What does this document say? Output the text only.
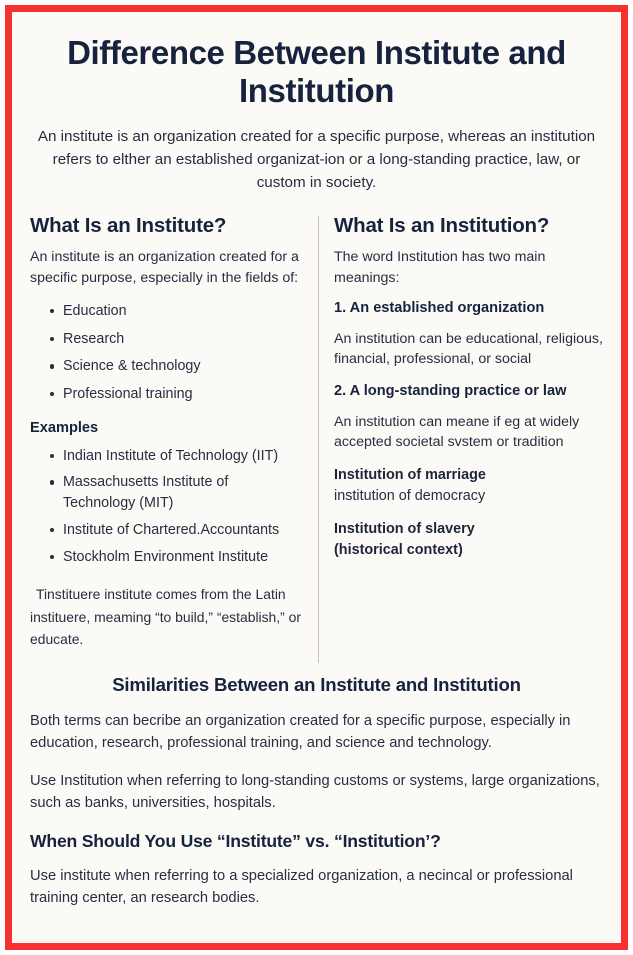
Difference Between Institute and Institution

An institute is an organization created for a specific purpose, whereas an institution refers to elther an established organizat-ion or a long-standing practice, law, or custom in society.

What Is an Institute?

An institute is an organization created for a specific purpose, especially in the fields of:

Education
Research
Science & technology
Professional training
Examples
Indian Institute of Technology (IIT)
Massachusetts Institute of Technology (MIT)
Institute of Chartered.Accountants
Stockholm Environment Institute

Tinstituere institute comes from the Latin instituere, meaming “to build,” “establish,” or educate.

What Is an Institution?

The word Institution has two main meanings:

1. An established organization

An institution can be educational, religious, financial, professional, or social

2. A long-standing practice or law

An institution can meane if eg at widely accepted societal svstem or tradition

Institution of marriage
institution of democracy
Institution of slavery
(historical context)
Similarities Between an Institute and Institution

Both terms can becribe an organization created for a specific purpose, especially in education, research, professional training, and science and technology.

Use Institution when referring to long-standing customs or systems, large organizations, such as banks, universities, hospitals.

When Should You Use “Institute” vs. “Institution’?

Use institute when referring to a specialized organization, a necincal or professional training center, an research bodies.
